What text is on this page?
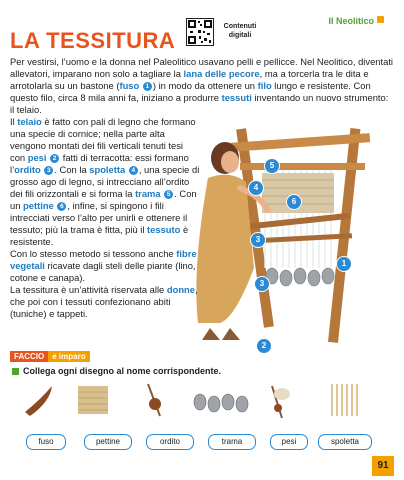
LA TESSITURA
Contenuti digitali
Il Neolitico
5
4
6
3
1
3
2

Per vestirsi, l’uomo e la donna nel Paleolitico usavano pelli e pellicce. Nel Neolitico, diventati allevatori, imparano non solo a tagliare la lana delle pecore, ma a torcerla tra le dita e arrotolarla su un bastone (fuso 1 ) in modo da ottenere un filo lungo e resistente. Con questo filo, circa 8 mila anni fa, iniziano a produrre tessuti inventando un nuovo strumento: il telaio.

Il telaio è fatto con pali di legno che formano una specie di cornice; nella parte alta vengono montati dei fili verticali tenuti tesi con pesi 2 fatti di terracotta: essi formano l’ordito 3 . Con la spoletta 4 , una specie di grosso ago di legno, si intrecciano all’ordito dei fili orizzontali e si forma la trama 5 . Con un pettine 6 , infine, si spingono i fili intrecciati verso l’alto per unirli e ottenere il tessuto; più la trama è fitta, più il tessuto è resistente.

Con lo stesso metodo si tessono anche fibre vegetali ricavate dagli steli delle piante (lino, cotone e canapa).

La tessitura è un’attività riservata alle donne, che poi con i tessuti confezionano abiti (tuniche) e tappeti.

FACCIO	e imparo
Collega ogni disegno al nome corrispondente.
fuso	pettine	ordito	trama	pesi	spoletta
91
